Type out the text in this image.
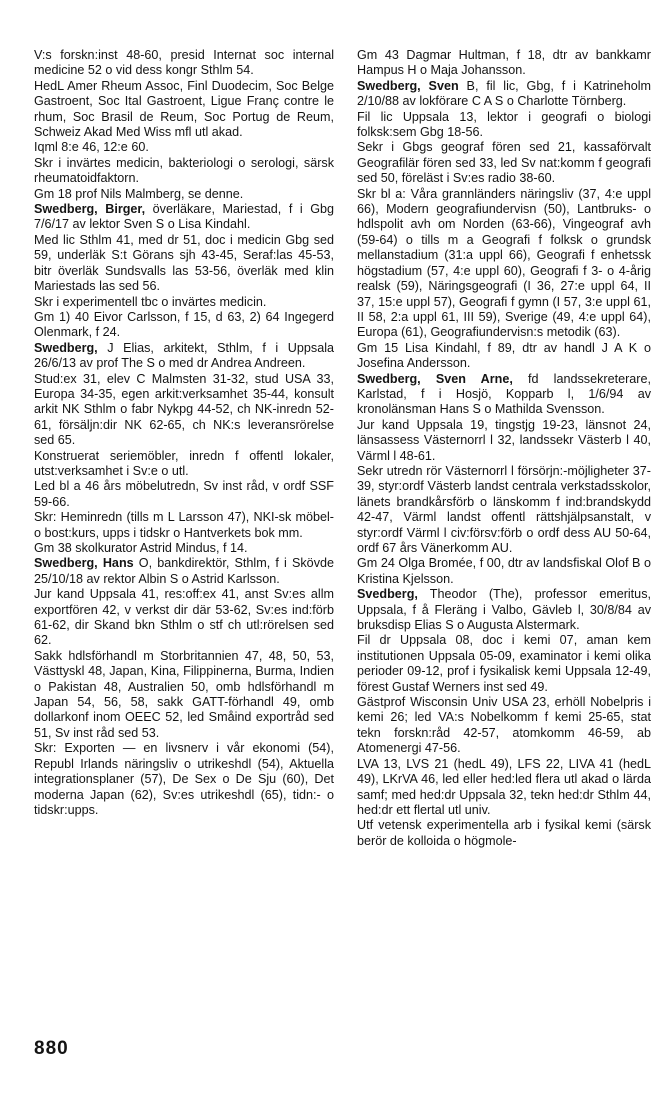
V:s forskn:inst 48-60, presid Internat soc internal medicine 52 o vid dess kongr Sthlm 54.

HedL Amer Rheum Assoc, Finl Duodecim, Soc Belge Gastroent, Soc Ital Gastroent, Ligue Franç contre le rhum, Soc Brasil de Reum, Soc Portug de Reum, Schweiz Akad Med Wiss mfl utl akad.

Iqml 8:e 46, 12:e 60.

Skr i invärtes medicin, bakteriologi o serologi, särsk rheumatoidfaktorn.

Gm 18 prof Nils Malmberg, se denne.

Swedberg, Birger, överläkare, Mariestad, f i Gbg 7/6/17 av lektor Sven S o Lisa Kindahl.

Med lic Sthlm 41, med dr 51, doc i medicin Gbg sed 59, underläk S:t Görans sjh 43-45, Seraf:las 45-53, bitr överläk Sundsvalls las 53-56, överläk med klin Mariestads las sed 56.

Skr i experimentell tbc o invärtes medicin.

Gm 1) 40 Eivor Carlsson, f 15, d 63, 2) 64 Ingegerd Olenmark, f 24.

Swedberg, J Elias, arkitekt, Sthlm, f i Uppsala 26/6/13 av prof The S o med dr Andrea Andreen.

Stud:ex 31, elev C Malmsten 31-32, stud USA 33, Europa 34-35, egen arkit:verksamhet 35-44, konsult arkit NK Sthlm o fabr Nykpg 44-52, ch NK-inredn 52-61, försäljn:dir NK 62-65, ch NK:s leveransrörelse sed 65.

Konstruerat seriemöbler, inredn f offentl lokaler, utst:verksamhet i Sv:e o utl.

Led bl a 46 års möbelutredn, Sv inst råd, v ordf SSF 59-66.

Skr: Heminredn (tills m L Larsson 47), NKI-sk möbel- o bost:kurs, upps i tidskr o Hantverkets bok mm.

Gm 38 skolkurator Astrid Mindus, f 14.

Swedberg, Hans O, bankdirektör, Sthlm, f i Skövde 25/10/18 av rektor Albin S o Astrid Karlsson.

Jur kand Uppsala 41, res:off:ex 41, anst Sv:es allm exportfören 42, v verkst dir där 53-62, Sv:es ind:förb 61-62, dir Skand bkn Sthlm o stf ch utl:rörelsen sed 62.

Sakk hdlsförhandl m Storbritannien 47, 48, 50, 53, Västtyskl 48, Japan, Kina, Filippinerna, Burma, Indien o Pakistan 48, Australien 50, omb hdlsförhandl m Japan 54, 56, 58, sakk GATT-förhandl 49, omb dollarkonf inom OEEC 52, led Småind exportråd sed 51, Sv inst råd sed 53.

Skr: Exporten — en livsnerv i vår ekonomi (54), Republ Irlands näringsliv o utrikeshdl (54), Aktuella integrationsplaner (57), De Sex o De Sju (60), Det moderna Japan (62), Sv:es utrikeshdl (65), tidn:- o tidskr:upps.

Gm 43 Dagmar Hultman, f 18, dtr av bankkamr Hampus H o Maja Johansson.

Swedberg, Sven B, fil lic, Gbg, f i Katrineholm 2/10/88 av lokförare C A S o Charlotte Törnberg.

Fil lic Uppsala 13, lektor i geografi o biologi folksk:sem Gbg 18-56.

Sekr i Gbgs geograf fören sed 21, kassaförvalt Geografilär fören sed 33, led Sv nat:komm f geografi sed 50, föreläst i Sv:es radio 38-60.

Skr bl a: Våra grannländers näringsliv (37, 4:e uppl 66), Modern geografiundervisn (50), Lantbruks- o hdlspolit avh om Norden (63-66), Vingeograf avh (59-64) o tills m a Geografi f folksk o grundsk mellanstadium (31:a uppl 66), Geografi f enhetssk högstadium (57, 4:e uppl 60), Geografi f 3- o 4-årig realsk (59), Näringsgeografi (I 36, 27:e uppl 64, II 37, 15:e uppl 57), Geografi f gymn (I 57, 3:e uppl 61, II 58, 2:a uppl 61, III 59), Sverige (49, 4:e uppl 64), Europa (61), Geografiundervisn:s metodik (63).

Gm 15 Lisa Kindahl, f 89, dtr av handl J A K o Josefina Andersson.

Swedberg, Sven Arne, fd landssekreterare, Karlstad, f i Hosjö, Kopparb l, 1/6/94 av kronolänsman Hans S o Mathilda Svensson.

Jur kand Uppsala 19, tingstjg 19-23, länsnot 24, länsassess Västernorrl l 32, landssekr Västerb l 40, Värml l 48-61.

Sekr utredn rör Västernorrl l försörjn:-möjligheter 37-39, styr:ordf Västerb landst centrala verkstadsskolor, länets brandkårsförb o länskomm f ind:brandskydd 42-47, Värml landst offentl rättshjälpsanstalt, v styr:ordf Värml l civ:försv:förb o ordf dess AU 50-64, ordf 67 års Vänerkomm AU.

Gm 24 Olga Bromée, f 00, dtr av landsfiskal Olof B o Kristina Kjelsson.

Svedberg, Theodor (The), professor emeritus, Uppsala, f å Fleräng i Valbo, Gävleb l, 30/8/84 av bruksdisp Elias S o Augusta Alstermark.

Fil dr Uppsala 08, doc i kemi 07, aman kem institutionen Uppsala 05-09, examinator i kemi olika perioder 09-12, prof i fysikalisk kemi Uppsala 12-49, förest Gustaf Werners inst sed 49.

Gästprof Wisconsin Univ USA 23, erhöll Nobelpris i kemi 26; led VA:s Nobelkomm f kemi 25-65, stat tekn forskn:råd 42-57, atomkomm 46-59, ab Atomenergi 47-56.

LVA 13, LVS 21 (hedL 49), LFS 22, LIVA 41 (hedL 49), LKrVA 46, led eller hed:led flera utl akad o lärda samf; med hed:dr Uppsala 32, tekn hed:dr Sthlm 44, hed:dr ett flertal utl univ.

Utf vetensk experimentella arb i fysikal kemi (särsk berör de kolloida o högmole-

880
